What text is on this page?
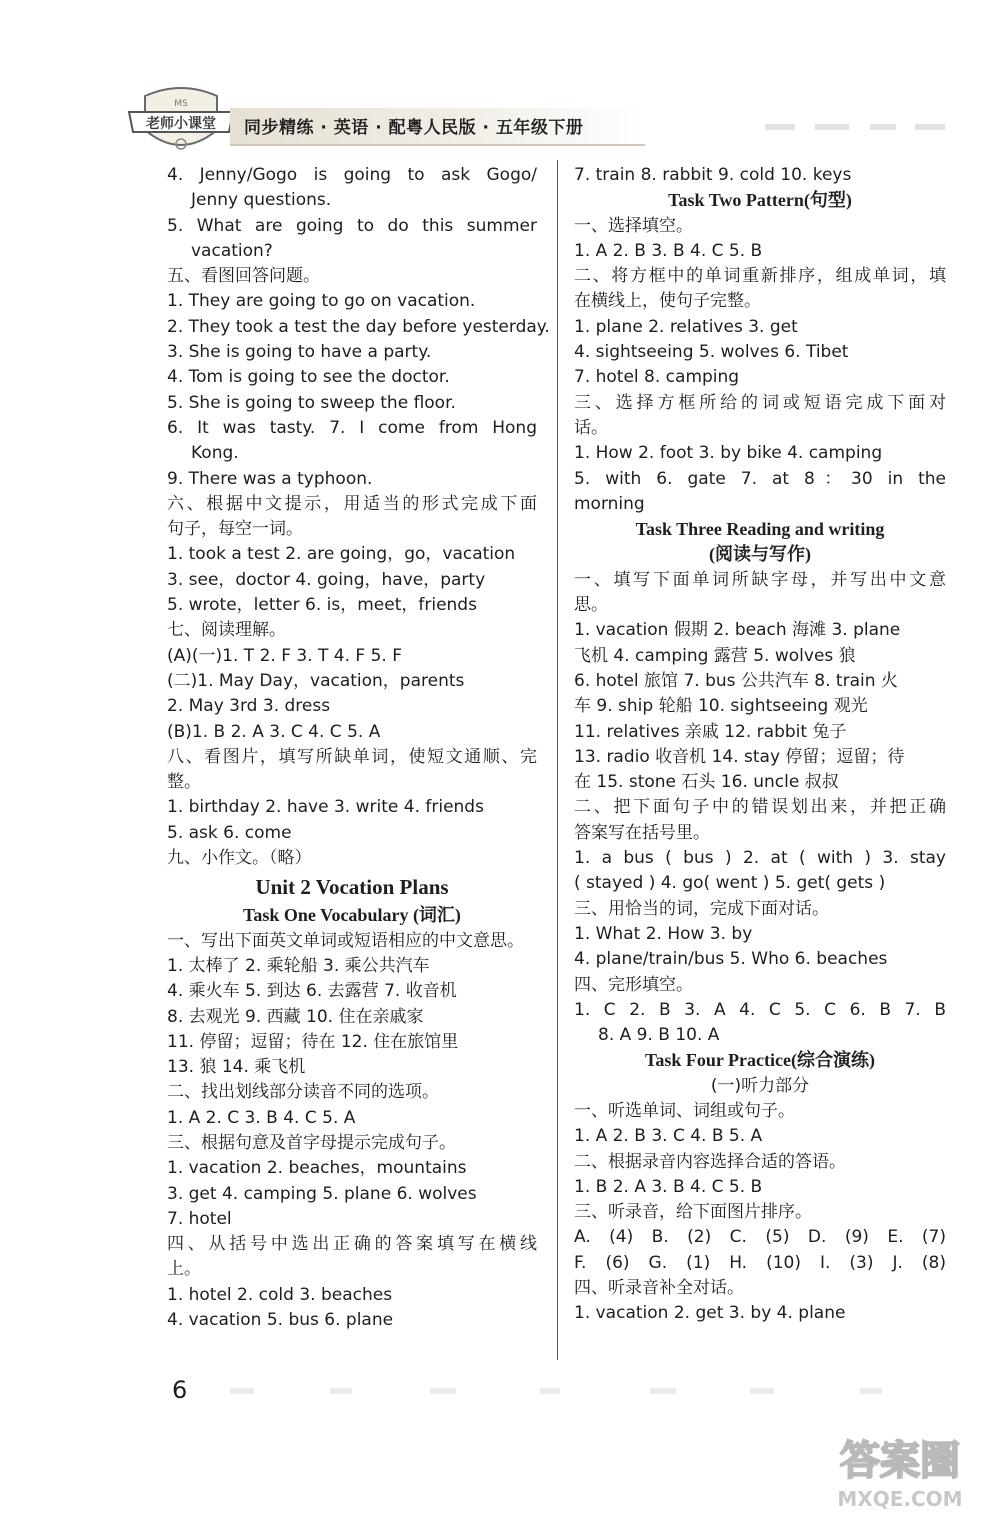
老师小课堂
MS
同步精练 · 英语 · 配粤人民版 · 五年级下册
4. Jenny/Gogo is going to ask Gogo/
Jenny questions.
5. What are going to do this summer
vacation?
五、看图回答问题。
1. They are going to go on vacation.
2. They took a test the day before yesterday.
3. She is going to have a party.
4. Tom is going to see the doctor.
5. She is going to sweep the floor.
6. It was tasty. 7. I come from Hong
Kong.
9. There was a typhoon.
六、根据中文提示，用适当的形式完成下面
句子，每空一词。
1. took a test 2. are going，go，vacation
3. see，doctor 4. going，have，party
5. wrote，letter 6. is，meet，friends
七、阅读理解。
(A)(一)1. T 2. F 3. T 4. F 5. F
(二)1. May Day，vacation，parents
2. May 3rd 3. dress
(B)1. B 2. A 3. C 4. C 5. A
八、看图片，填写所缺单词，使短文通顺、完
整。
1. birthday 2. have 3. write 4. friends
5. ask 6. come
九、小作文。（略）
Unit 2 Vocation Plans
Task One Vocabulary (词汇)
一、写出下面英文单词或短语相应的中文意思。
1. 太棒了 2. 乘轮船 3. 乘公共汽车
4. 乘火车 5. 到达 6. 去露营 7. 收音机
8. 去观光 9. 西藏 10. 住在亲戚家
11. 停留；逗留；待在 12. 住在旅馆里
13. 狼 14. 乘飞机
二、找出划线部分读音不同的选项。
1. A 2. C 3. B 4. C 5. A
三、根据句意及首字母提示完成句子。
1. vacation 2. beaches，mountains
3. get 4. camping 5. plane 6. wolves
7. hotel
四、从括号中选出正确的答案填写在横线
上。
1. hotel 2. cold 3. beaches
4. vacation 5. bus 6. plane
7. train 8. rabbit 9. cold 10. keys
Task Two Pattern(句型)
一、选择填空。
1. A 2. B 3. B 4. C 5. B
二、将方框中的单词重新排序，组成单词，填
在横线上，使句子完整。
1. plane 2. relatives 3. get
4. sightseeing 5. wolves 6. Tibet
7. hotel 8. camping
三、选择方框所给的词或短语完成下面对
话。
1. How 2. foot 3. by bike 4. camping
5. with 6. gate 7. at 8：30 in the
morning
Task Three Reading and writing
(阅读与写作)
一、填写下面单词所缺字母，并写出中文意
思。
1. vacation 假期 2. beach 海滩 3. plane
飞机 4. camping 露营 5. wolves 狼
6. hotel 旅馆 7. bus 公共汽车 8. train 火
车 9. ship 轮船 10. sightseeing 观光
11. relatives 亲戚 12. rabbit 兔子
13. radio 收音机 14. stay 停留；逗留；待
在 15. stone 石头 16. uncle 叔叔
二、把下面句子中的错误划出来，并把正确
答案写在括号里。
1. a bus ( bus ) 2. at ( with ) 3. stay
( stayed ) 4. go( went ) 5. get( gets )
三、用恰当的词，完成下面对话。
1. What 2. How 3. by
4. plane/train/bus 5. Who 6. beaches
四、完形填空。
1. C 2. B 3. A 4. C 5. C 6. B 7. B
8. A 9. B 10. A
Task Four Practice(综合演练)
(一)听力部分
一、听选单词、词组或句子。
1. A 2. B 3. C 4. B 5. A
二、根据录音内容选择合适的答语。
1. B 2. A 3. B 4. C 5. B
三、听录音，给下面图片排序。
A. (4) B. (2) C. (5) D. (9) E. (7)
F. (6) G. (1) H. (10) I. (3) J. (8)
四、听录音补全对话。
1. vacation 2. get 3. by 4. plane
6
答案圈
MXQE.COM
